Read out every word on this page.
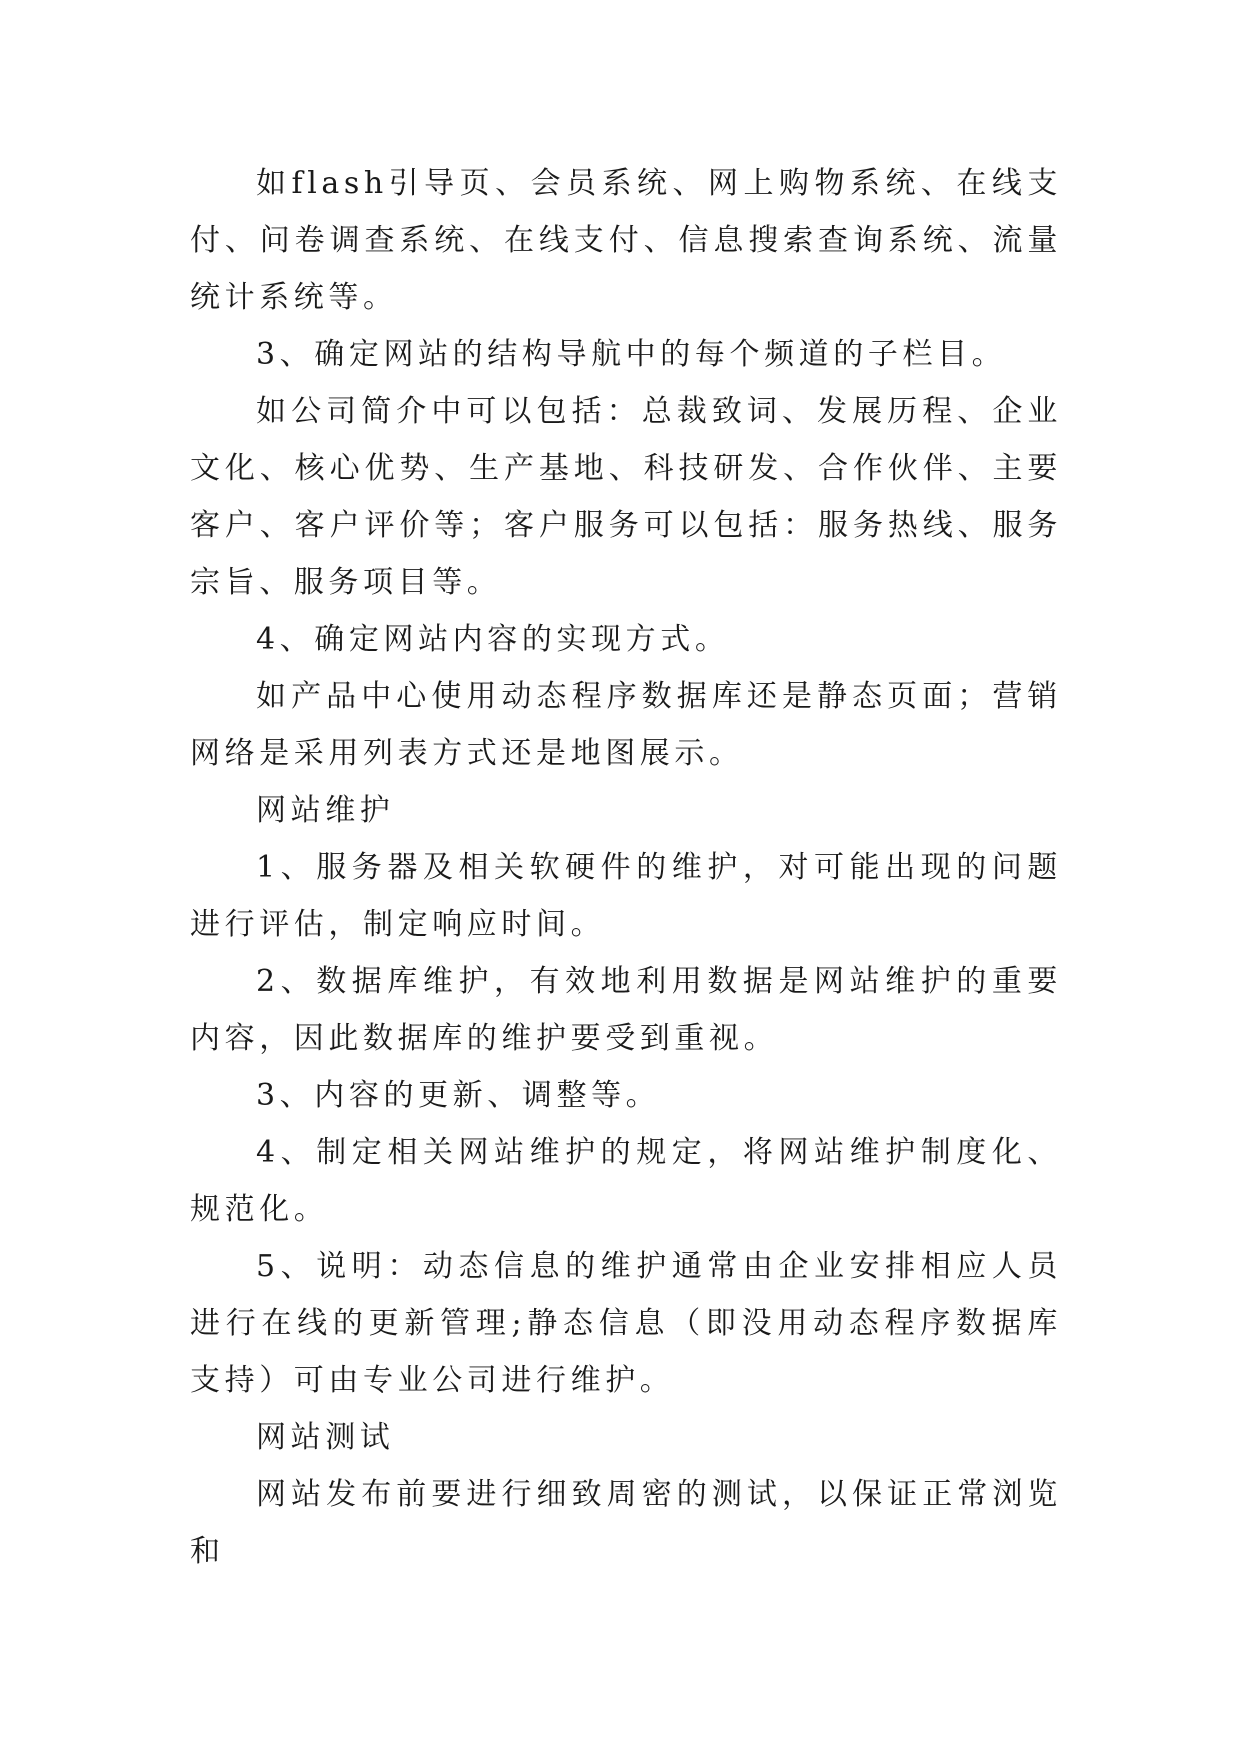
如flash引导页、会员系统、网上购物系统、在线支付、问卷调查系统、在线支付、信息搜索查询系统、流量统计系统等。

3、确定网站的结构导航中的每个频道的子栏目。

如公司简介中可以包括：总裁致词、发展历程、企业文化、核心优势、生产基地、科技研发、合作伙伴、主要客户、客户评价等；客户服务可以包括：服务热线、服务宗旨、服务项目等。

4、确定网站内容的实现方式。

如产品中心使用动态程序数据库还是静态页面；营销网络是采用列表方式还是地图展示。

网站维护

1、服务器及相关软硬件的维护，对可能出现的问题进行评估，制定响应时间。

2、数据库维护，有效地利用数据是网站维护的重要内容，因此数据库的维护要受到重视。

3、内容的更新、调整等。

4、制定相关网站维护的规定，将网站维护制度化、规范化。

5、说明：动态信息的维护通常由企业安排相应人员进行在线的更新管理;静态信息（即没用动态程序数据库支持）可由专业公司进行维护。

网站测试

网站发布前要进行细致周密的测试，以保证正常浏览和
